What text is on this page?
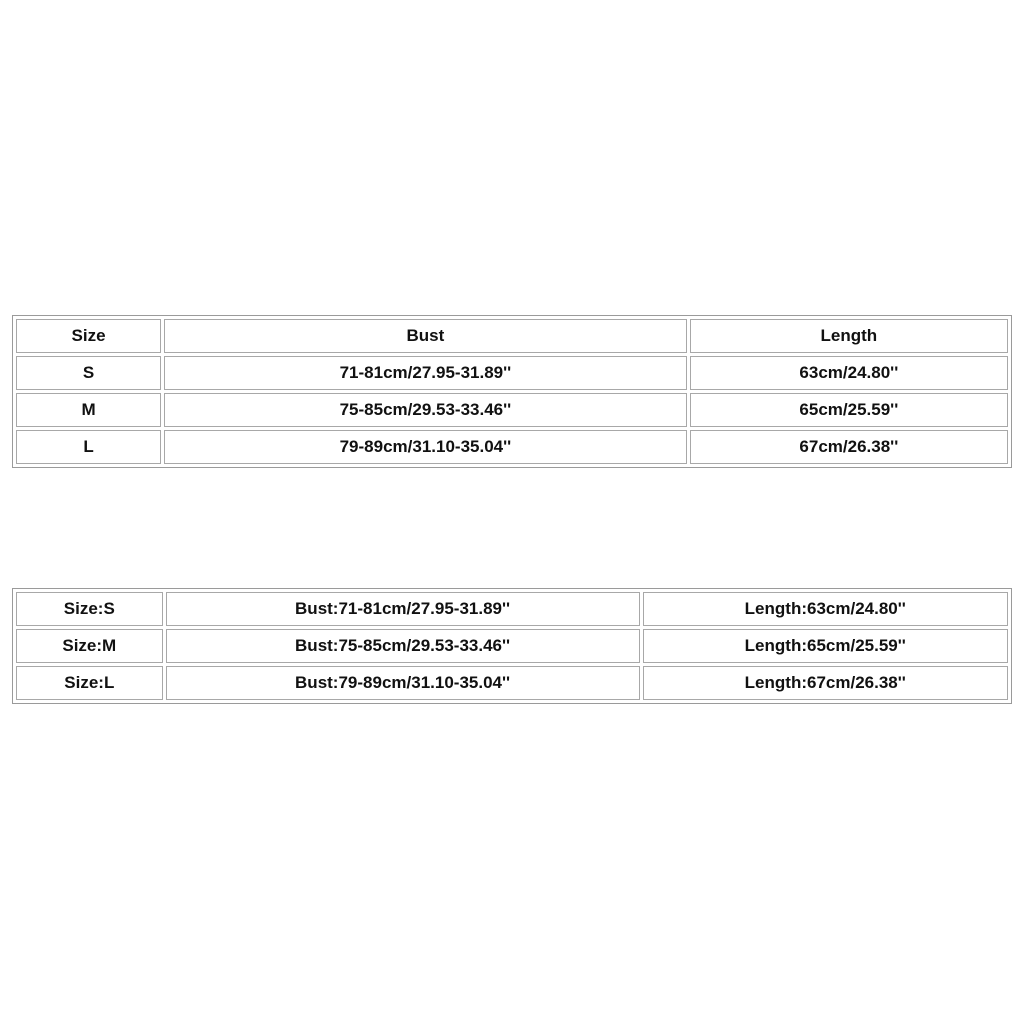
Size	Bust	Length
S	71-81cm/27.95-31.89''	63cm/24.80''
M	75-85cm/29.53-33.46''	65cm/25.59''
L	79-89cm/31.10-35.04''	67cm/26.38''
Size:S	Bust:71-81cm/27.95-31.89''	Length:63cm/24.80''
Size:M	Bust:75-85cm/29.53-33.46''	Length:65cm/25.59''
Size:L	Bust:79-89cm/31.10-35.04''	Length:67cm/26.38''
